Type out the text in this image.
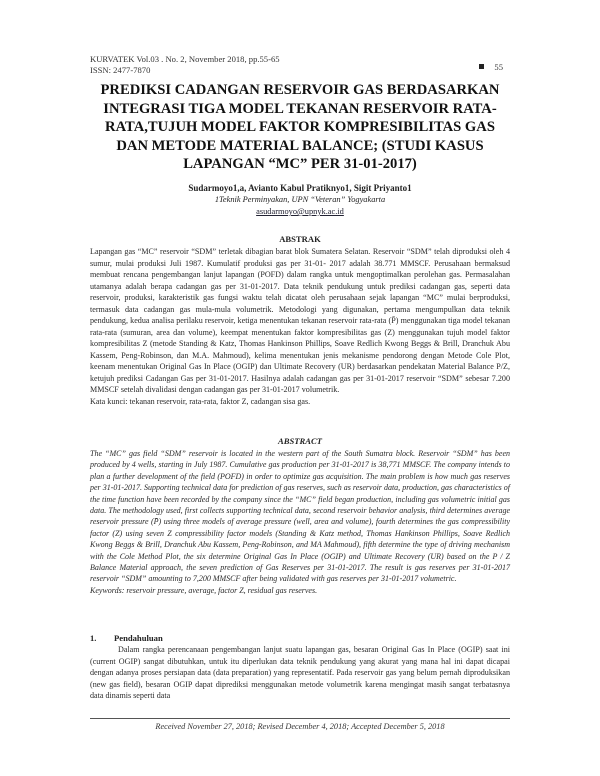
KURVATEK Vol.03 . No. 2, November 2018, pp.55-65
ISSN: 2477-7870	55
PREDIKSI CADANGAN RESERVOIR GAS BERDASARKAN INTEGRASI TIGA MODEL TEKANAN RESERVOIR RATA-RATA,TUJUH MODEL FAKTOR KOMPRESIBILITAS GAS DAN METODE MATERIAL BALANCE; (STUDI KASUS LAPANGAN “MC” PER 31-01-2017)
Sudarmoyo1,a, Avianto Kabul Pratiknyo1, Sigit Priyanto1
1Teknik Perminyakan, UPN “Veteran” Yogyakarta
asudarmoyo@upnyk.ac.id
ABSTRAK
Lapangan gas “MC” reservoir “SDM” terletak dibagian barat blok Sumatera Selatan. Reservoir “SDM” telah diproduksi oleh 4 sumur, mulai produksi Juli 1987. Kumulatif produksi gas per 31-01- 2017 adalah 38.771 MMSCF. Perusahaan bermaksud membuat rencana pengembangan lanjut lapangan (POFD) dalam rangka untuk mengoptimalkan perolehan gas. Permasalahan utamanya adalah berapa cadangan gas per 31-01-2017. Data teknik pendukung untuk prediksi cadangan gas, seperti data reservoir, produksi, karakteristik gas fungsi waktu telah dicatat oleh perusahaan sejak lapangan “MC” mulai berproduksi, termasuk data cadangan gas mula-mula volumetrik. Metodologi yang digunakan, pertama mengumpulkan data teknik pendukung, kedua analisa perilaku reservoir, ketiga menentukan tekanan reservoir rata-rata (P̄) menggunakan tiga model tekanan rata-rata (sumuran, area dan volume), keempat menentukan faktor kompresibilitas gas (Z) menggunakan tujuh model faktor kompresibilitas Z (metode Standing & Katz, Thomas Hankinson Phillips, Soave Redlich Kwong Beggs & Brill, Dranchuk Abu Kassem, Peng-Robinson, dan M.A. Mahmoud), kelima menentukan jenis mekanisme pendorong dengan Metode Cole Plot, keenam menentukan Original Gas In Place (OGIP) dan Ultimate Recovery (UR) berdasarkan pendekatan Material Balance P/Z, ketujuh prediksi Cadangan Gas per 31-01-2017. Hasilnya adalah cadangan gas per 31-01-2017 reservoir “SDM” sebesar 7.200 MMSCF setelah divalidasi dengan cadangan gas per 31-01-2017 volumetrik.
Kata kunci: tekanan reservoir, rata-rata, faktor Z, cadangan sisa gas.
ABSTRACT
The “MC” gas field “SDM” reservoir is located in the western part of the South Sumatra block. Reservoir “SDM” has been produced by 4 wells, starting in July 1987. Cumulative gas production per 31-01-2017 is 38,771 MMSCF. The company intends to plan a further development of the field (POFD) in order to optimize gas acquisition. The main problem is how much gas reserves per 31-01-2017. Supporting technical data for prediction of gas reserves, such as reservoir data, production, gas characteristics of the time function have been recorded by the company since the “MC” field began production, including gas volumetric initial gas data. The methodology used, first collects supporting technical data, second reservoir behavior analysis, third determines average reservoir pressure (P̄) using three models of average pressure (well, area and volume), fourth determines the gas compressibility factor (Z) using seven Z compressibility factor models (Standing & Katz method, Thomas Hankinson Phillips, Soave Redlich Kwong Beggs & Brill, Dranchuk Abu Kassem, Peng-Robinson, and MA Mahmoud), fifth determine the type of driving mechanism with the Cole Method Plot, the six determine Original Gas In Place (OGIP) and Ultimate Recovery (UR) based on the P / Z Balance Material approach, the seven prediction of Gas Reserves per 31-01-2017. The result is gas reserves per 31-01-2017 reservoir “SDM” amounting to 7,200 MMSCF after being validated with gas reserves per 31-01-2017 volumetric.
Keywords: reservoir pressure, average, factor Z, residual gas reserves.
1. Pendahuluan
Dalam rangka perencanaan pengembangan lanjut suatu lapangan gas, besaran Original Gas In Place (OGIP) saat ini (current OGIP) sangat dibutuhkan, untuk itu diperlukan data teknik pendukung yang akurat yang mana hal ini dapat dicapai dengan adanya proses persiapan data (data preparation) yang representatif. Pada reservoir gas yang belum pernah diproduksikan (new gas field), besaran OGIP dapat diprediksi menggunakan metode volumetrik karena mengingat masih sangat terbatasnya data dinamis seperti data
Received November 27, 2018; Revised December 4, 2018; Accepted December 5, 2018
